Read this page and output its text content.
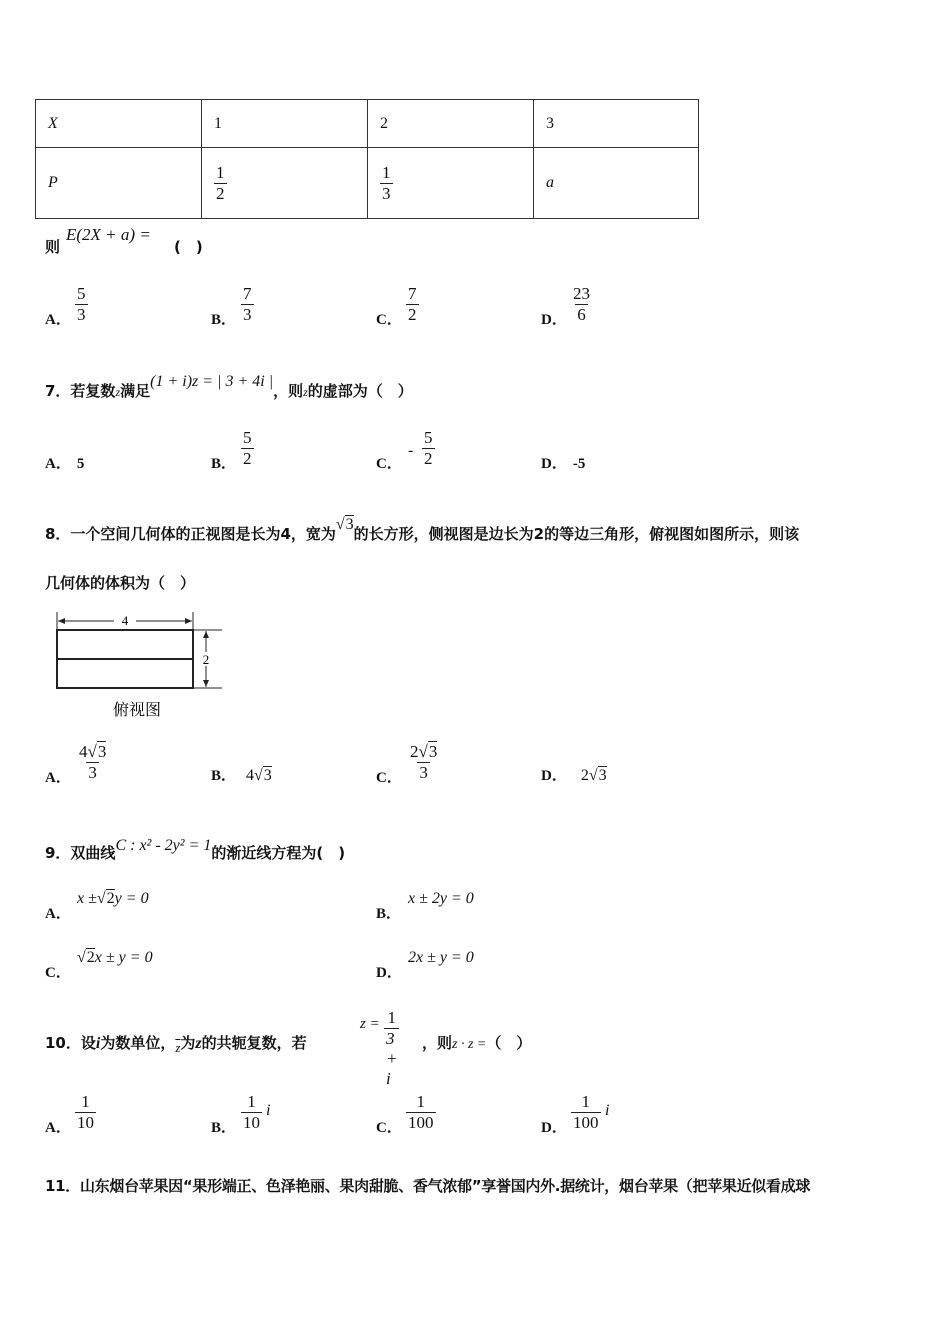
X	1	2	3
P	$\frac{1}{2}$	$\frac{1}{3}$	a
则
E(2X + a) =
(　)
A． $\frac{5}{3}$	B． $\frac{7}{3}$	C． $\frac{7}{2}$	D． $\frac{23}{6}$
7．若复数z满足(1 + i)z = | 3 + 4i |，则z的虚部为（　）
A． 5	B． $\frac{5}{2}$	C．
- $\frac{5}{2}$	D． -5
8．一个空间几何体的正视图是长为4，宽为√3的长方形，侧视图是边长为2的等边三角形，俯视图如图所示，则该
几何体的体积为（　）
4
2
俯视图
A． $\frac{4√3}{3}$	B． 4√3	C． $\frac{2√3}{3}$	D． 2√3
9．双曲线C : x² - 2y² = 1的渐近线方程为(　)
A．
x ±√2y = 0
B．
x ± 2y = 0
C．
√2x ± y = 0
D．
2x ± y = 0
10．设i为数单位，$\overline{z}$为z的共轭复数，若
$z = \frac{1}{3 + i}$ ，则z · z =（　）
A． $\frac{1}{10}$	B． $\frac{1}{10}$ i
C． $\frac{1}{100}$	D． $\frac{1}{100}$ i
11．山东烟台苹果因“果形端正、色泽艳丽、果肉甜脆、香气浓郁”享誉国内外.据统计，烟台苹果（把苹果近似看成球
